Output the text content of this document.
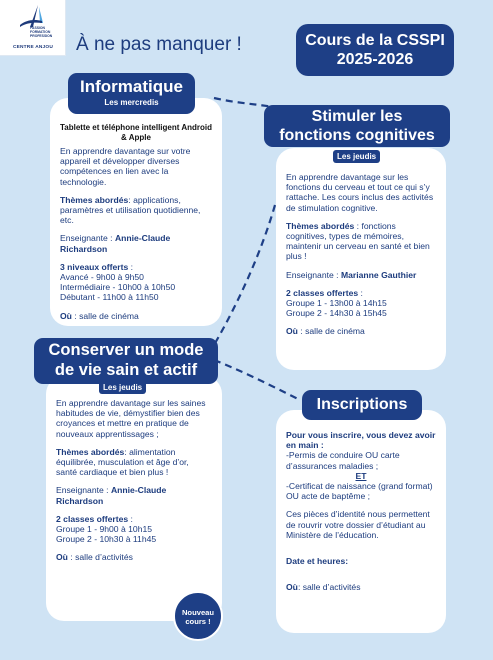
PASSION FORMATION PROFESSION
CENTRE ANJOU	À ne pas manquer !	Cours de la CSSPI
2025-2026
Tablette et téléphone intelligent Android & Apple

En apprendre davantage sur votre appareil et développer diverses compétences en lien avec la technologie.

Thèmes abordés: applications, paramètres et utilisation quotidienne, etc.

Enseignante : Annie-Claude Richardson

3 niveaux offerts :
Avancé - 9h00 à 9h50
Intermédiaire - 10h00 à 10h50
Débutant - 11h00 à 11h50

Où : salle de cinéma

Informatique
Les mercredis

En apprendre davantage sur les fonctions du cerveau et tout ce qui s’y rattache. Les cours inclus des activités de stimulation cognitive.

Thèmes abordés : fonctions cognitives, types de mémoires, maintenir un cerveau en santé et bien plus !

Enseignante : Marianne Gauthier

2 classes offertes :
Groupe 1 - 13h00 à 14h15
Groupe 2 - 14h30 à 15h45

Où : salle de cinéma

Stimuler les
fonctions cognitives
Les jeudis

En apprendre davantage sur les saines habitudes de vie, démystifier bien des croyances et mettre en pratique de nouveaux apprentissages ;

Thèmes abordés: alimentation équilibrée, musculation et âge d’or, santé cardiaque et bien plus !

Enseignante : Annie-Claude Richardson

2 classes offertes :
Groupe 1 - 9h00 à 10h15
Groupe 2 - 10h30 à 11h45

Où : salle d’activités

Conserver un mode
de vie sain et actif
Les jeudis
Nouveau
cours !

Pour vous inscrire, vous devez avoir en main :

-Permis de conduire OU carte d’assurances maladies ;

ET

-Certificat de naissance (grand format) OU acte de baptême ;

Ces pièces d’identité nous permettent de rouvrir votre dossier d’étudiant au Ministère de l’éducation.

Date et heures:

Où: salle d’activités

Inscriptions
